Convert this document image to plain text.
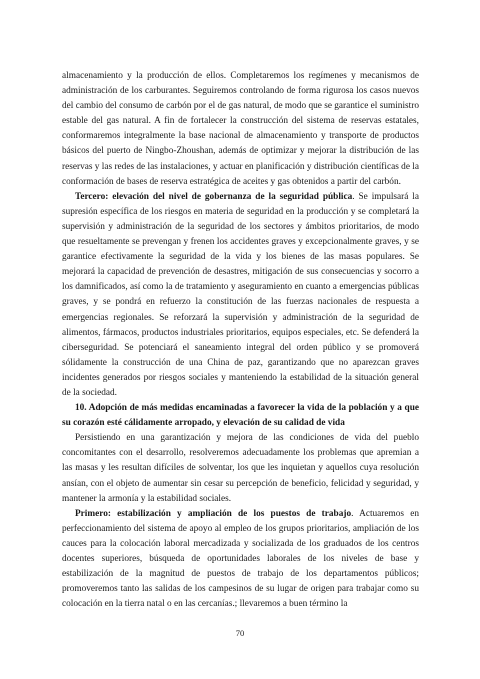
almacenamiento y la producción de ellos. Completaremos los regímenes y mecanismos de administración de los carburantes. Seguiremos controlando de forma rigurosa los casos nuevos del cambio del consumo de carbón por el de gas natural, de modo que se garantice el suministro estable del gas natural. A fin de fortalecer la construcción del sistema de reservas estatales, conformaremos integralmente la base nacional de almacenamiento y transporte de productos básicos del puerto de Ningbo-Zhoushan, además de optimizar y mejorar la distribución de las reservas y las redes de las instalaciones, y actuar en planificación y distribución científicas de la conformación de bases de reserva estratégica de aceites y gas obtenidos a partir del carbón.

Tercero: elevación del nivel de gobernanza de la seguridad pública. Se impulsará la supresión específica de los riesgos en materia de seguridad en la producción y se completará la supervisión y administración de la seguridad de los sectores y ámbitos prioritarios, de modo que resueltamente se prevengan y frenen los accidentes graves y excepcionalmente graves, y se garantice efectivamente la seguridad de la vida y los bienes de las masas populares. Se mejorará la capacidad de prevención de desastres, mitigación de sus consecuencias y socorro a los damnificados, así como la de tratamiento y aseguramiento en cuanto a emergencias públicas graves, y se pondrá en refuerzo la constitución de las fuerzas nacionales de respuesta a emergencias regionales. Se reforzará la supervisión y administración de la seguridad de alimentos, fármacos, productos industriales prioritarios, equipos especiales, etc. Se defenderá la ciberseguridad. Se potenciará el saneamiento integral del orden público y se promoverá sólidamente la construcción de una China de paz, garantizando que no aparezcan graves incidentes generados por riesgos sociales y manteniendo la estabilidad de la situación general de la sociedad.

10. Adopción de más medidas encaminadas a favorecer la vida de la población y a que su corazón esté cálidamente arropado, y elevación de su calidad de vida

Persistiendo en una garantización y mejora de las condiciones de vida del pueblo concomitantes con el desarrollo, resolveremos adecuadamente los problemas que apremian a las masas y les resultan difíciles de solventar, los que les inquietan y aquellos cuya resolución ansían, con el objeto de aumentar sin cesar su percepción de beneficio, felicidad y seguridad, y mantener la armonía y la estabilidad sociales.

Primero: estabilización y ampliación de los puestos de trabajo. Actuaremos en perfeccionamiento del sistema de apoyo al empleo de los grupos prioritarios, ampliación de los cauces para la colocación laboral mercadizada y socializada de los graduados de los centros docentes superiores, búsqueda de oportunidades laborales de los niveles de base y estabilización de la magnitud de puestos de trabajo de los departamentos públicos; promoveremos tanto las salidas de los campesinos de su lugar de origen para trabajar como su colocación en la tierra natal o en las cercanías.; llevaremos a buen término la

70
